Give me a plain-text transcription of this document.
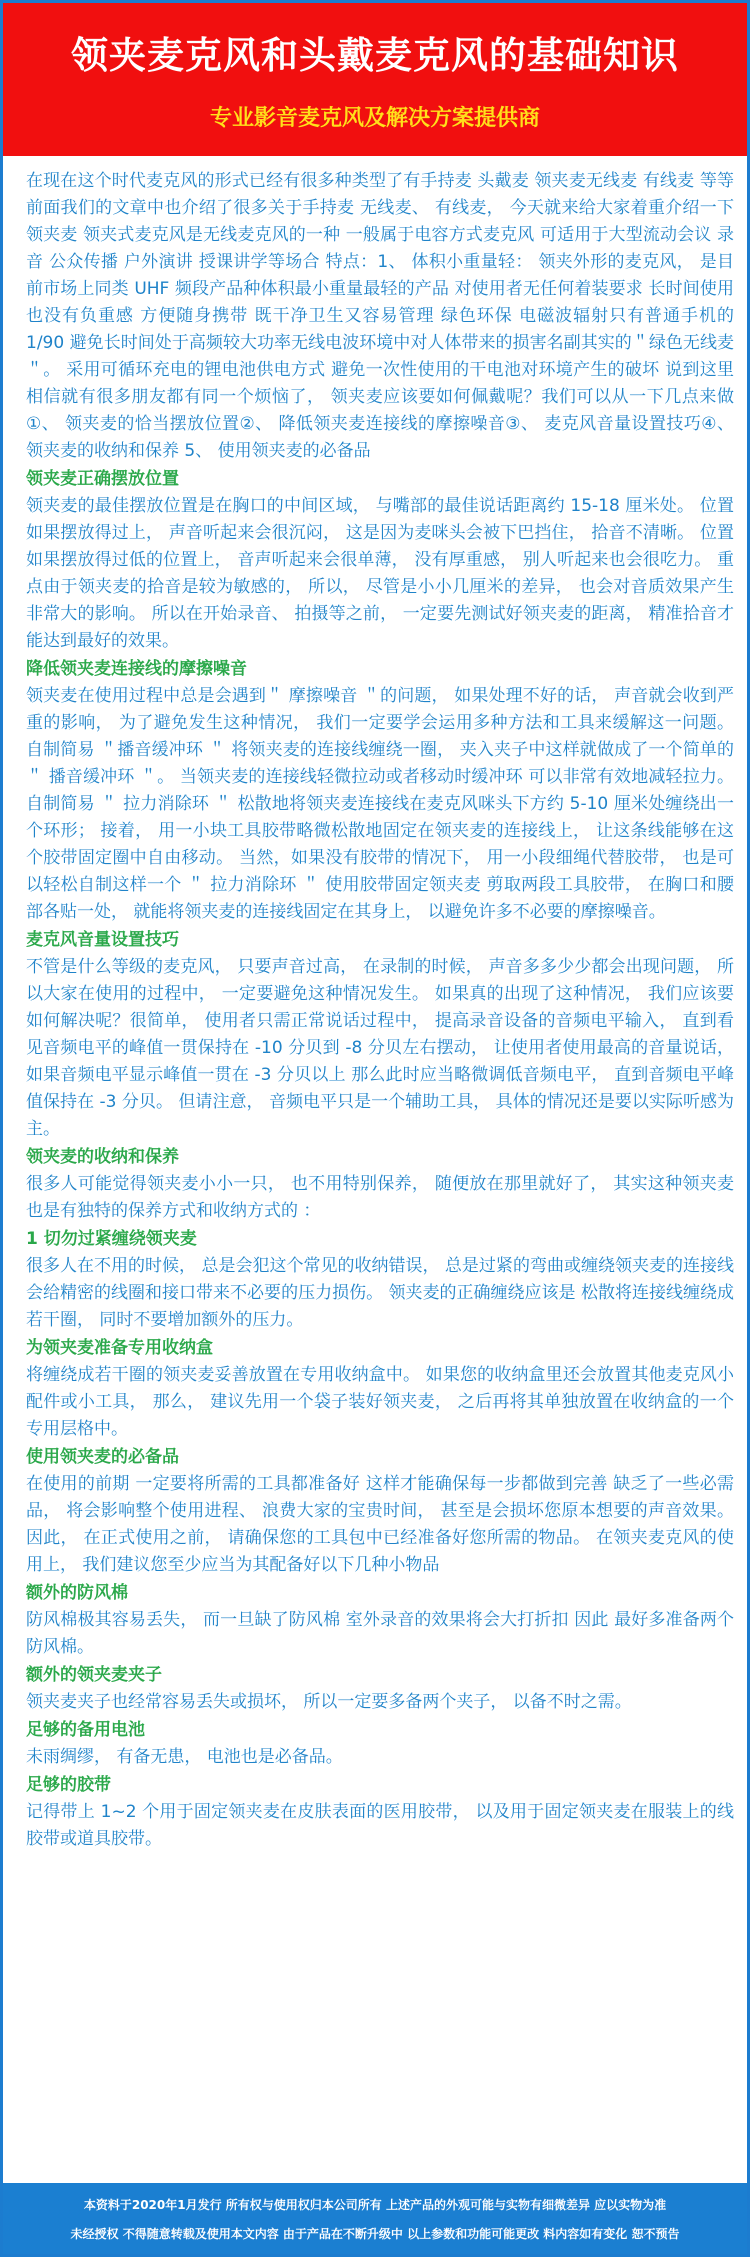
领夹麦克风和头戴麦克风的基础知识
专业影音麦克风及解决方案提供商

在现在这个时代麦克风的形式已经有很多种类型了有手持麦 头戴麦 领夹麦无线麦 有线麦 等等前面我们的文章中也介绍了很多关于手持麦 无线麦、 有线麦， 今天就来给大家着重介绍一下领夹麦 领夹式麦克风是无线麦克风的一种 一般属于电容方式麦克风 可适用于大型流动会议 录音 公众传播 户外演讲 授课讲学等场合 特点：1、 体积小重量轻： 领夹外形的麦克风， 是目前市场上同类 UHF 频段产品种体积最小重量最轻的产品 对使用者无任何着装要求 长时间使用也没有负重感 方便随身携带 既干净卫生又容易管理 绿色环保 电磁波辐射只有普通手机的 1/90 避免长时间处于高频较大功率无线电波环境中对人体带来的损害名副其实的＂绿色无线麦＂。 采用可循环充电的锂电池供电方式 避免一次性使用的干电池对环境产生的破坏 说到这里 相信就有很多朋友都有同一个烦恼了， 领夹麦应该要如何佩戴呢？我们可以从一下几点来做①、 领夹麦的恰当摆放位置②、 降低领夹麦连接线的摩擦噪音③、 麦克风音量设置技巧④、 领夹麦的收纳和保养 5、 使用领夹麦的必备品

领夹麦正确摆放位置

领夹麦的最佳摆放位置是在胸口的中间区域， 与嘴部的最佳说话距离约 15-18 厘米处。 位置如果摆放得过上， 声音听起来会很沉闷， 这是因为麦咪头会被下巴挡住， 拾音不清晰。 位置如果摆放得过低的位置上， 音声听起来会很单薄， 没有厚重感， 别人听起来也会很吃力。 重点由于领夹麦的拾音是较为敏感的， 所以， 尽管是小小几厘米的差异， 也会对音质效果产生非常大的影响。 所以在开始录音、 拍摄等之前， 一定要先测试好领夹麦的距离， 精准拾音才能达到最好的效果。

降低领夹麦连接线的摩擦噪音

领夹麦在使用过程中总是会遇到＂ 摩擦噪音 ＂的问题， 如果处理不好的话， 声音就会收到严重的影响， 为了避免发生这种情况， 我们一定要学会运用多种方法和工具来缓解这一问题。 自制简易 ＂播音缓冲环 ＂ 将领夹麦的连接线缠绕一圈， 夹入夹子中这样就做成了一个简单的 ＂ 播音缓冲环 ＂。 当领夹麦的连接线轻微拉动或者移动时缓冲环 可以非常有效地减轻拉力。 自制简易 ＂ 拉力消除环 ＂ 松散地将领夹麦连接线在麦克风咪头下方约 5-10 厘米处缠绕出一个环形； 接着， 用一小块工具胶带略微松散地固定在领夹麦的连接线上， 让这条线能够在这个胶带固定圈中自由移动。 当然，如果没有胶带的情况下， 用一小段细绳代替胶带， 也是可以轻松自制这样一个 ＂ 拉力消除环 ＂ 使用胶带固定领夹麦 剪取两段工具胶带， 在胸口和腰部各贴一处， 就能将领夹麦的连接线固定在其身上， 以避免许多不必要的摩擦噪音。

麦克风音量设置技巧

不管是什么等级的麦克风， 只要声音过高， 在录制的时候， 声音多多少少都会出现问题， 所以大家在使用的过程中， 一定要避免这种情况发生。 如果真的出现了这种情况， 我们应该要如何解决呢？很简单， 使用者只需正常说话过程中， 提高录音设备的音频电平输入， 直到看见音频电平的峰值一贯保持在 -10 分贝到 -8 分贝左右摆动， 让使用者使用最高的音量说话， 如果音频电平显示峰值一贯在 -3 分贝以上 那么此时应当略微调低音频电平， 直到音频电平峰值保持在 -3 分贝。 但请注意， 音频电平只是一个辅助工具， 具体的情况还是要以实际听感为主。

领夹麦的收纳和保养

很多人可能觉得领夹麦小小一只， 也不用特别保养， 随便放在那里就好了， 其实这种领夹麦也是有独特的保养方式和收纳方式的 ：

1 切勿过紧缠绕领夹麦

很多人在不用的时候， 总是会犯这个常见的收纳错误， 总是过紧的弯曲或缠绕领夹麦的连接线会给精密的线圈和接口带来不必要的压力损伤。 领夹麦的正确缠绕应该是 松散将连接线缠绕成若干圈， 同时不要增加额外的压力。

为领夹麦准备专用收纳盒

将缠绕成若干圈的领夹麦妥善放置在专用收纳盒中。 如果您的收纳盒里还会放置其他麦克风小配件或小工具， 那么， 建议先用一个袋子装好领夹麦， 之后再将其单独放置在收纳盒的一个专用层格中。

使用领夹麦的必备品

在使用的前期 一定要将所需的工具都准备好 这样才能确保每一步都做到完善 缺乏了一些必需品， 将会影响整个使用进程、 浪费大家的宝贵时间， 甚至是会损坏您原本想要的声音效果。 因此， 在正式使用之前， 请确保您的工具包中已经准备好您所需的物品。 在领夹麦克风的使用上， 我们建议您至少应当为其配备好以下几种小物品

额外的防风棉

防风棉极其容易丢失， 而一旦缺了防风棉 室外录音的效果将会大打折扣 因此 最好多准备两个防风棉。

额外的领夹麦夹子

领夹麦夹子也经常容易丢失或损坏， 所以一定要多备两个夹子， 以备不时之需。

足够的备用电池

未雨绸缪， 有备无患， 电池也是必备品。

足够的胶带

记得带上 1~2 个用于固定领夹麦在皮肤表面的医用胶带， 以及用于固定领夹麦在服装上的线胶带或道具胶带。

本资料于2020年1月发行 所有权与使用权归本公司所有 上述产品的外观可能与实物有细微差异 应以实物为准
未经授权 不得随意转载及使用本文内容 由于产品在不断升级中 以上参数和功能可能更改 料内容如有变化 恕不预告
